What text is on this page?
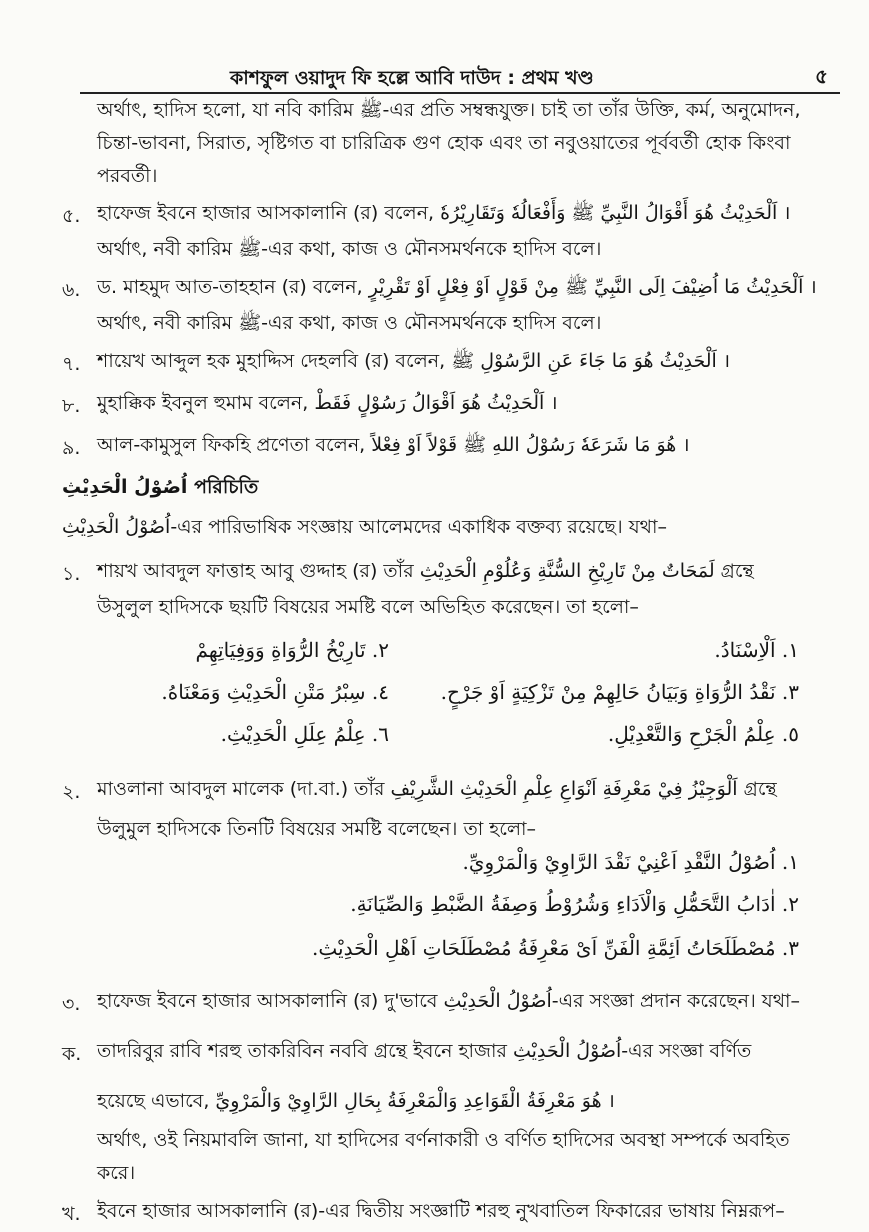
কাশফুল ওয়াদুদ ফি হল্লে আবি দাউদ : প্রথম খণ্ড	৫
অর্থাৎ, হাদিস হলো, যা নবি কারিম ﷺ-এর প্রতি সম্বন্ধযুক্ত। চাই তা তাঁর উক্তি, কর্ম, অনুমোদন, চিন্তা-ভাবনা, সিরাত, সৃষ্টিগত বা চারিত্রিক গুণ হোক এবং তা নবুওয়াতের পূর্ববর্তী হোক কিংবা পরবর্তী।
৫. হাফেজ ইবনে হাজার আসকালানি (র) বলেন, اَلْحَدِيْثُ هُوَ أَقْوَالُ النَّبِيِّ ﷺ وَأَفْعَالُهٗ وَتَقَارِيْرُهٗ ।
অর্থাৎ, নবী কারিম ﷺ-এর কথা, কাজ ও মৌনসমর্থনকে হাদিস বলে।
৬. ড. মাহমুদ আত-তাহহান (র) বলেন, اَلْحَدِيْثُ مَا اُضِيْفَ اِلَى النَّبِيِّ ﷺ مِنْ قَوْلٍ اَوْ فِعْلٍ اَوْ تَقْرِيْرٍ ।
অর্থাৎ, নবী কারিম ﷺ-এর কথা, কাজ ও মৌনসমর্থনকে হাদিস বলে।
৭. শায়েখ আব্দুল হক মুহাদ্দিস দেহলবি (র) বলেন, اَلْحَدِيْثُ هُوَ مَا جَاءَ عَنِ الرَّسُوْلِ ﷺ ।
৮. মুহাক্কিক ইবনুল হুমাম বলেন, اَلْحَدِيْثُ هُوَ اَقْوَالُ رَسُوْلٍ فَقَطْ ।
৯. আল-কামুসুল ফিকহি প্রণেতা বলেন, هُوَ مَا شَرَعَهٗ رَسُوْلُ اللهِ ﷺ قَوْلاً اَوْ فِعْلاً ।
اُصُوْلُ الْحَدِيْثِ পরিচিতি
اُصُوْلُ الْحَدِيْثِ-এর পারিভাষিক সংজ্ঞায় আলেমদের একাধিক বক্তব্য রয়েছে। যথা–
১. শায়খ আবদুল ফাত্তাহ আবু গুদ্দাহ (র) তাঁর لَمَحَاتٌ مِنْ تَارِيْخِ السُّنَّةِ وَعُلُوْمِ الْحَدِيْثِ গ্রন্থে
উসুলুল হাদিসকে ছয়টি বিষয়ের সমষ্টি বলে অভিহিত করেছেন। তা হলো–
١. اَلْاِسْنَادُ.
٢. تَارِيْخُ الرُّوَاةِ وَوَفِيَاتِهِمْ
٣. نَقْدُ الرُّوَاةِ وَبَيَانُ حَالِهِمْ مِنْ تَزْكِيَةٍ اَوْ جَرْحٍ.
٤. سِبْرُ مَتْنِ الْحَدِيْثِ وَمَعْنَاهُ.
٥. عِلْمُ الْجَرْحِ وَالتَّعْدِيْلِ.
٦. عِلْمُ عِلَلِ الْحَدِيْثِ.
২. মাওলানা আবদুল মালেক (দা.বা.) তাঁর اَلْوَجِيْزُ فِيْ مَعْرِفَةِ اَنْوَاعِ عِلْمِ الْحَدِيْثِ الشَّرِيْفِ গ্রন্থে
উলুমুল হাদিসকে তিনটি বিষয়ের সমষ্টি বলেছেন। তা হলো–
١. اُصُوْلُ النَّقْدِ اَعْنِيْ نَقْدَ الرَّاوِيْ وَالْمَرْوِيِّ.
٢. اٰدَابُ التَّحَمُّلِ وَالْاَدَاءِ وَشُرُوْطُ وَصِفَةُ الضَّبْطِ وَالصِّيَانَةِ.
٣. مُصْطَلَحَاتُ اَئِمَّةِ الْفَنِّ اَىْ مَعْرِفَةُ مُصْطَلَحَاتِ اَهْلِ الْحَدِيْثِ.
৩. হাফেজ ইবনে হাজার আসকালানি (র) দু'ভাবে اُصُوْلُ الْحَدِيْثِ-এর সংজ্ঞা প্রদান করেছেন। যথা–
ক. তাদরিবুর রাবি শরহু তাকরিবিন নববি গ্রন্থে ইবনে হাজার اُصُوْلُ الْحَدِيْثِ-এর সংজ্ঞা বর্ণিত
হয়েছে এভাবে, هُوَ مَعْرِفَةُ الْقَوَاعِدِ وَالْمَعْرِفَةُ بِحَالِ الرَّاوِيْ وَالْمَرْوِيِّ ।
অর্থাৎ, ওই নিয়মাবলি জানা, যা হাদিসের বর্ণনাকারী ও বর্ণিত হাদিসের অবস্থা সম্পর্কে অবহিত করে।
খ. ইবনে হাজার আসকালানি (র)-এর দ্বিতীয় সংজ্ঞাটি শরহু নুখবাতিল ফিকারের ভাষায় নিম্নরূপ–
